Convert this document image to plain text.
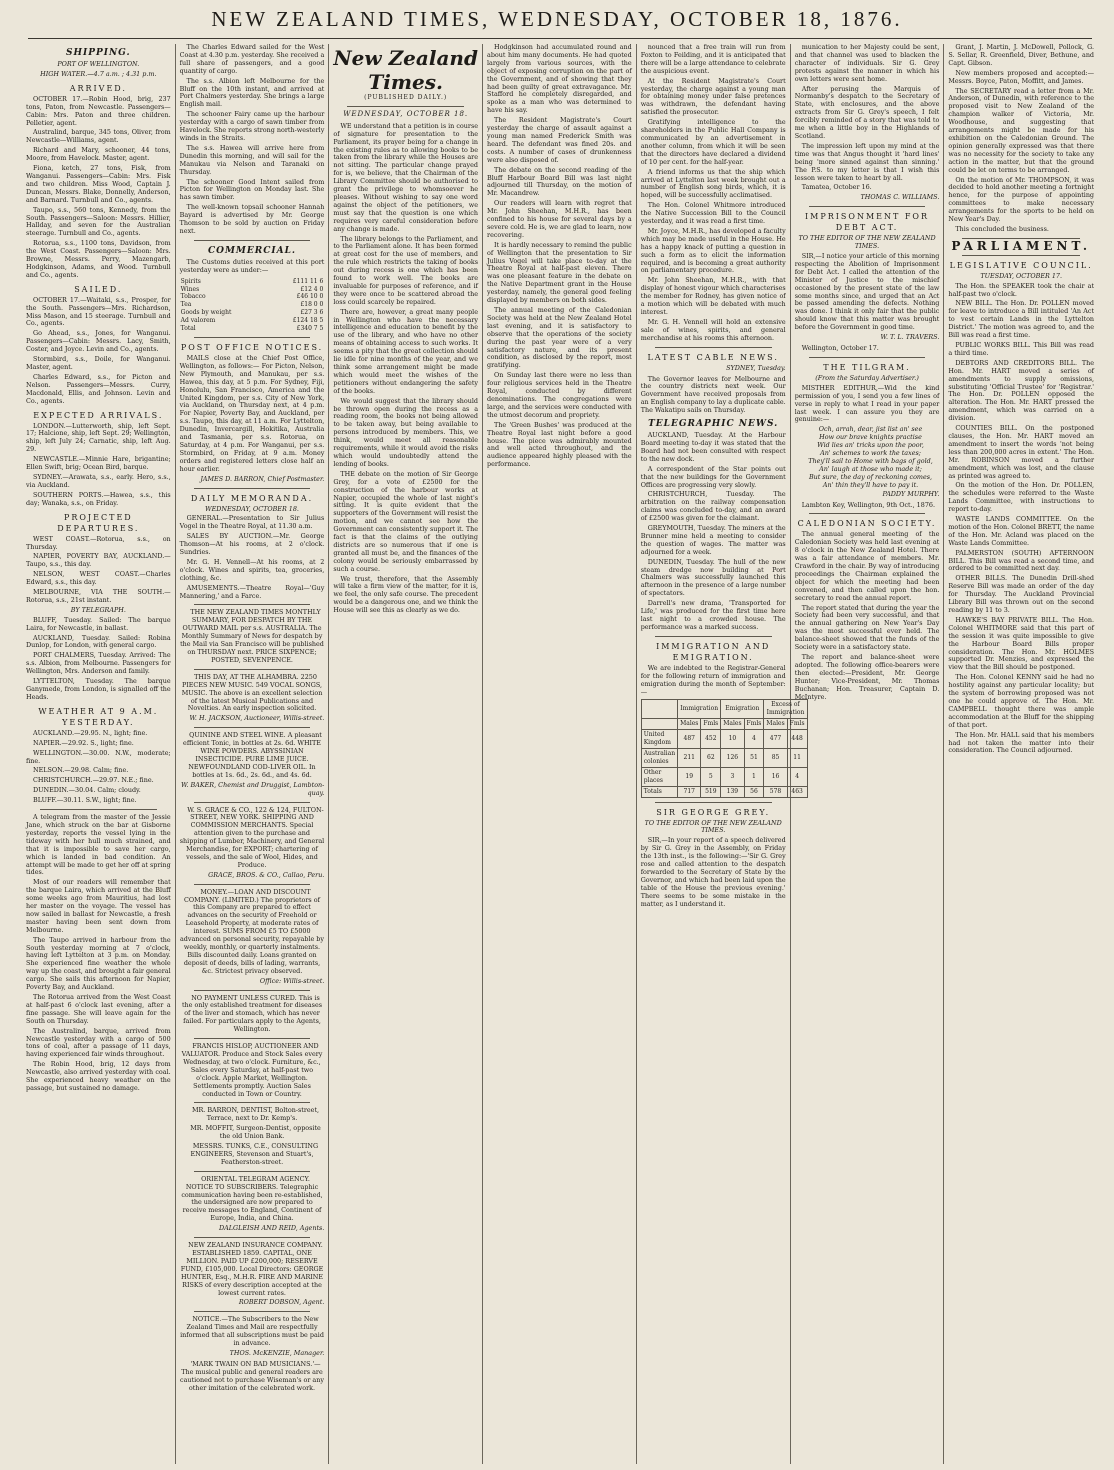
NEW ZEALAND TIMES, WEDNESDAY, OCTOBER 18, 1876.
SHIPPING.
PORT OF WELLINGTON.
HIGH WATER.—4.7 a.m. ; 4.31 p.m.
ARRIVED.

OCTOBER 17.—Robin Hood, brig, 237 tons, Paton, from Newcastle. Passengers—Cabin: Mrs. Paton and three children. Pelletier, agent.

Australind, barque, 345 tons, Oliver, from Newcastle—Williams, agent.

Richard and Mary, schooner, 44 tons, Moore, from Havelock. Master, agent.

Fiona, ketch, 27 tons, Fisk, from Wanganui. Passengers—Cabin: Mrs. Fisk and two children. Miss Wood, Captain J. Duncan, Messrs. Blake, Donnelly, Anderson, and Barnard. Turnbull and Co., agents.

Taupo, s.s., 560 tons, Kennedy, from the South. Passengers—Saloon: Messrs. Hillier, Hallday, and seven for the Australian steerage. Turnbull and Co., agents.

Rotorua, s.s., 1100 tons, Davidson, from the West Coast. Passengers—Saloon: Mrs. Browne, Messrs. Perry, Mazengarb, Hodgkinson, Adams, and Wood. Turnbull and Co., agents.

SAILED.

OCTOBER 17.—Waitaki, s.s., Prosper, for the South. Passengers—Mrs. Richardson, Miss Mason, and 15 steerage. Turnbull and Co., agents.

Go Ahead, s.s., Jones, for Wanganui. Passengers—Cabin: Messrs. Lacy, Smith, Coster, and Joyce. Levin and Co., agents.

Stormbird, s.s., Doile, for Wanganui. Master, agent.

Charles Edward, s.s., for Picton and Nelson. Passengers—Messrs. Curry, Macdonald, Ellis, and Johnson. Levin and Co., agents.

EXPECTED ARRIVALS.

LONDON.—Lutterworth, ship, left Sept. 17; Halcione, ship, left Sept. 29; Wellington, ship, left July 24; Carnatic, ship, left Aug. 29.

NEWCASTLE.—Minnie Hare, brigantine; Ellen Swift, brig; Ocean Bird, barque.

SYDNEY.—Arawata, s.s., early. Hero, s.s., via Auckland.

SOUTHERN PORTS.—Hawea, s.s., this day; Wanaka, s.s., on Friday.

PROJECTED DEPARTURES.

WEST COAST.—Rotorua, s.s., on Thursday.

NAPIER, POVERTY BAY, AUCKLAND.—Taupo, s.s., this day.

NELSON, WEST COAST.—Charles Edward, s.s., this day.

MELBOURNE, VIA THE SOUTH.—Rotorua, s.s., 21st instant.

BY TELEGRAPH.

BLUFF, Tuesday. Sailed: The barque Laira, for Newcastle, in ballast.

AUCKLAND, Tuesday. Sailed: Robina Dunlop, for London, with general cargo.

PORT CHALMERS, Tuesday. Arrived: The s.s. Albion, from Melbourne. Passengers for Wellington, Mrs. Anderson and family.

LYTTELTON, Tuesday. The barque Ganymede, from London, is signalled off the Heads.

WEATHER AT 9 A.M. YESTERDAY.

AUCKLAND.—29.95. N., light; fine.

NAPIER.—29.92. S., light; fine.

WELLINGTON.—30.00. N.W., moderate; fine.

NELSON.—29.98. Calm; fine.

CHRISTCHURCH.—29.97. N.E.; fine.

DUNEDIN.—30.04. Calm; cloudy.

BLUFF.—30.11. S.W., light; fine.

A telegram from the master of the Jessie Jane, which struck on the bar at Gisborne yesterday, reports the vessel lying in the tideway with her hull much strained, and that it is impossible to save her cargo, which is landed in bad condition. An attempt will be made to get her off at spring tides.

Most of our readers will remember that the barque Laira, which arrived at the Bluff some weeks ago from Mauritius, had lost her master on the voyage. The vessel has now sailed in ballast for Newcastle, a fresh master having been sent down from Melbourne.

The Taupo arrived in harbour from the South yesterday morning at 7 o'clock, having left Lyttelton at 3 p.m. on Monday. She experienced fine weather the whole way up the coast, and brought a fair general cargo. She sails this afternoon for Napier, Poverty Bay, and Auckland.

The Rotorua arrived from the West Coast at half-past 6 o'clock last evening, after a fine passage. She will leave again for the South on Thursday.

The Australind, barque, arrived from Newcastle yesterday with a cargo of 500 tons of coal, after a passage of 11 days, having experienced fair winds throughout.

The Robin Hood, brig, 12 days from Newcastle, also arrived yesterday with coal. She experienced heavy weather on the passage, but sustained no damage.

The Charles Edward sailed for the West Coast at 4.30 p.m. yesterday. She received a full share of passengers, and a good quantity of cargo.

The s.s. Albion left Melbourne for the Bluff on the 10th instant, and arrived at Port Chalmers yesterday. She brings a large English mail.

The schooner Fairy came up the harbour yesterday with a cargo of sawn timber from Havelock. She reports strong north-westerly winds in the Straits.

The s.s. Hawea will arrive here from Dunedin this morning, and will sail for the Manukau via Nelson and Taranaki on Thursday.

The schooner Good Intent sailed from Picton for Wellington on Monday last. She has sawn timber.

The well-known topsail schooner Hannah Bayard is advertised by Mr. George Thomson to be sold by auction on Friday next.

COMMERCIAL.

The Customs duties received at this port yesterday were as under:—

Spirits	£111 11 6
Wines	£12 4 0
Tobacco	£46 10 0
Tea	£18 0 0
Goods by weight	£27 3 6
Ad valorem	£124 18 5
Total	£340 7 5
POST OFFICE NOTICES.

MAILS close at the Chief Post Office, Wellington, as follows:— For Picton, Nelson, New Plymouth, and Manukau, per s.s. Hawea, this day, at 5 p.m. For Sydney, Fiji, Honolulu, San Francisco, America and the United Kingdom, per s.s. City of New York, via Auckland, on Thursday next, at 4 p.m. For Napier, Poverty Bay, and Auckland, per s.s. Taupo, this day, at 11 a.m. For Lyttelton, Dunedin, Invercargill, Hokitika, Australia and Tasmania, per s.s. Rotorua, on Saturday, at 4 p.m. For Wanganui, per s.s. Stormbird, on Friday, at 9 a.m. Money orders and registered letters close half an hour earlier.

JAMES D. BARRON, Chief Postmaster.
DAILY MEMORANDA.
WEDNESDAY, OCTOBER 18.

GENERAL.—Presentation to Sir Julius Vogel in the Theatre Royal, at 11.30 a.m.

SALES BY AUCTION.—Mr. George Thomson—At his rooms, at 2 o'clock. Sundries.

Mr. G. H. Vennell—At his rooms, at 2 o'clock. Wines and spirits, tea, groceries, clothing, &c.

AMUSEMENTS.—Theatre Royal—'Guy Mannering,' and a Farce.

THE NEW ZEALAND TIMES MONTHLY SUMMARY, FOR DESPATCH BY THE OUTWARD MAIL per s.s. AUSTRALIA. The Monthly Summary of News for despatch by the Mail via San Francisco will be published on THURSDAY next. PRICE SIXPENCE; POSTED, SEVENPENCE.

THIS DAY, AT THE ALHAMBRA. 2250 PIECES NEW MUSIC. 549 VOCAL SONGS, MUSIC. The above is an excellent selection of the latest Musical Publications and Novelties. An early inspection solicited.

W. H. JACKSON, Auctioneer, Willis-street.

QUININE AND STEEL WINE. A pleasant efficient Tonic, in bottles at 2s. 6d. WHITE WINE POWDERS. ABYSSINIAN INSECTICIDE. PURE LIME JUICE. NEWFOUNDLAND COD-LIVER OIL. In bottles at 1s. 6d., 2s. 6d., and 4s. 6d.

W. BAKER, Chemist and Druggist, Lambton-quay.

W. S. GRACE & CO., 122 & 124, FULTON-STREET, NEW YORK. SHIPPING AND COMMISSION MERCHANTS. Special attention given to the purchase and shipping of Lumber, Machinery, and General Merchandise, for EXPORT; chartering of vessels, and the sale of Wool, Hides, and Produce.

GRACE, BROS. & CO., Callao, Peru.

MONEY.—LOAN AND DISCOUNT COMPANY. (LIMITED.) The proprietors of this Company are prepared to effect advances on the security of Freehold or Leasehold Property, at moderate rates of interest. SUMS FROM £5 TO £5000 advanced on personal security, repayable by weekly, monthly, or quarterly instalments. Bills discounted daily. Loans granted on deposit of deeds, bills of lading, warrants, &c. Strictest privacy observed.

Office: Willis-street.

NO PAYMENT UNLESS CURED. This is the only established treatment for diseases of the liver and stomach, which has never failed. For particulars apply to the Agents, Wellington.

FRANCIS HISLOP, AUCTIONEER AND VALUATOR. Produce and Stock Sales every Wednesday, at two o'clock. Furniture, &c., Sales every Saturday, at half-past two o'clock. Apple Market, Wellington. Settlements promptly. Auction Sales conducted in Town or Country.

MR. BARRON, DENTIST, Bolton-street, Terrace, next to Dr. Kemp's.

MR. MOFFIT, Surgeon-Dentist, opposite the old Union Bank.

MESSRS. TUNKS, C.E., CONSULTING ENGINEERS, Stevenson and Stuart's, Featherston-street.

ORIENTAL TELEGRAM AGENCY. NOTICE TO SUBSCRIBERS. Telegraphic communication having been re-established, the undersigned are now prepared to receive messages to England, Continent of Europe, India, and China.

DALGLEISH AND REID, Agents.

NEW ZEALAND INSURANCE COMPANY. ESTABLISHED 1859. CAPITAL, ONE MILLION. PAID UP £200,000; RESERVE FUND, £105,000. Local Directors: GEORGE HUNTER, Esq., M.H.R. FIRE AND MARINE RISKS of every description accepted at the lowest current rates.

ROBERT DOBSON, Agent.

NOTICE.—The Subscribers to the New Zealand Times and Mail are respectfully informed that all subscriptions must be paid in advance.

THOS. McKENZIE, Manager.

'MARK TWAIN ON BAD MUSICIANS.'—The musical public and general readers are cautioned not to purchase Wiseman's or any other imitation of the celebrated work.

New Zealand Times.
(PUBLISHED DAILY.)
WEDNESDAY, OCTOBER 18.

WE understand that a petition is in course of signature for presentation to the Parliament, its prayer being for a change in the existing rules as to allowing books to be taken from the library while the Houses are not sitting. The particular change prayed for is, we believe, that the Chairman of the Library Committee should be authorised to grant the privilege to whomsoever he pleases. Without wishing to say one word against the object of the petitioners, we must say that the question is one which requires very careful consideration before any change is made.

The library belongs to the Parliament, and to the Parliament alone. It has been formed at great cost for the use of members, and the rule which restricts the taking of books out during recess is one which has been found to work well. The books are invaluable for purposes of reference, and if they were once to be scattered abroad the loss could scarcely be repaired.

There are, however, a great many people in Wellington who have the necessary intelligence and education to benefit by the use of the library, and who have no other means of obtaining access to such works. It seems a pity that the great collection should lie idle for nine months of the year, and we think some arrangement might be made which would meet the wishes of the petitioners without endangering the safety of the books.

We would suggest that the library should be thrown open during the recess as a reading room, the books not being allowed to be taken away, but being available to persons introduced by members. This, we think, would meet all reasonable requirements, while it would avoid the risks which would undoubtedly attend the lending of books.

THE debate on the motion of Sir George Grey, for a vote of £2500 for the construction of the harbour works at Napier, occupied the whole of last night's sitting. It is quite evident that the supporters of the Government will resist the motion, and we cannot see how the Government can consistently support it. The fact is that the claims of the outlying districts are so numerous that if one is granted all must be, and the finances of the colony would be seriously embarrassed by such a course.

We trust, therefore, that the Assembly will take a firm view of the matter, for it is, we feel, the only safe course. The precedent would be a dangerous one, and we think the House will see this as clearly as we do.

Hodgkinson had accumulated round and about him many documents. He had quoted largely from various sources, with the object of exposing corruption on the part of the Government, and of showing that they had been guilty of great extravagance. Mr. Stafford he completely disregarded, and spoke as a man who was determined to have his say.

The Resident Magistrate's Court yesterday the charge of assault against a young man named Frederick Smith was heard. The defendant was fined 20s. and costs. A number of cases of drunkenness were also disposed of.

The debate on the second reading of the Bluff Harbour Board Bill was last night adjourned till Thursday, on the motion of Mr. Macandrew.

Our readers will learn with regret that Mr. John Sheehan, M.H.R., has been confined to his house for several days by a severe cold. He is, we are glad to learn, now recovering.

It is hardly necessary to remind the public of Wellington that the presentation to Sir Julius Vogel will take place to-day at the Theatre Royal at half-past eleven. There was one pleasant feature in the debate on the Native Department grant in the House yesterday, namely, the general good feeling displayed by members on both sides.

The annual meeting of the Caledonian Society was held at the New Zealand Hotel last evening, and it is satisfactory to observe that the operations of the society during the past year were of a very satisfactory nature, and its present condition, as disclosed by the report, most gratifying.

On Sunday last there were no less than four religious services held in the Theatre Royal, conducted by different denominations. The congregations were large, and the services were conducted with the utmost decorum and propriety.

The 'Green Bushes' was produced at the Theatre Royal last night before a good house. The piece was admirably mounted and well acted throughout, and the audience appeared highly pleased with the performance.

nounced that a free train will run from Foxton to Feilding, and it is anticipated that there will be a large attendance to celebrate the auspicious event.

At the Resident Magistrate's Court yesterday, the charge against a young man for obtaining money under false pretences was withdrawn, the defendant having satisfied the prosecutor.

Gratifying intelligence to the shareholders in the Public Hall Company is communicated by an advertisement in another column, from which it will be seen that the directors have declared a dividend of 10 per cent. for the half-year.

A friend informs us that the ship which arrived at Lyttelton last week brought out a number of English song birds, which, it is hoped, will be successfully acclimatised.

The Hon. Colonel Whitmore introduced the Native Succession Bill to the Council yesterday, and it was read a first time.

Mr. Joyce, M.H.R., has developed a faculty which may be made useful in the House. He has a happy knack of putting a question in such a form as to elicit the information required, and is becoming a great authority on parliamentary procedure.

Mr. John Sheehan, M.H.R., with that display of honest vigour which characterises the member for Rodney, has given notice of a motion which will be debated with much interest.

Mr. G. H. Vennell will hold an extensive sale of wines, spirits, and general merchandise at his rooms this afternoon.

LATEST CABLE NEWS.
SYDNEY, Tuesday.

The Governor leaves for Melbourne and the country districts next week. Our Government have received proposals from an English company to lay a duplicate cable. The Wakatipu sails on Thursday.

TELEGRAPHIC NEWS.

AUCKLAND, Tuesday. At the Harbour Board meeting to-day it was stated that the Board had not been consulted with respect to the new dock.

A correspondent of the Star points out that the new buildings for the Government Offices are progressing very slowly.

CHRISTCHURCH, Tuesday. The arbitration on the railway compensation claims was concluded to-day, and an award of £2500 was given for the claimant.

GREYMOUTH, Tuesday. The miners at the Brunner mine held a meeting to consider the question of wages. The matter was adjourned for a week.

DUNEDIN, Tuesday. The hull of the new steam dredge now building at Port Chalmers was successfully launched this afternoon in the presence of a large number of spectators.

Darrell's new drama, 'Transported for Life,' was produced for the first time here last night to a crowded house. The performance was a marked success.

IMMIGRATION AND EMIGRATION.

We are indebted to the Registrar-General for the following return of immigration and emigration during the month of September:—

	Immigration		Emigration		Excess of Immigration	
	Males	Fmls	Males	Fmls	Males	Fmls
United Kingdom	487	452	10	4	477	448
Australian colonies	211	62	126	51	85	11
Other places	19	5	3	1	16	4
Totals	717	519	139	56	578	463
SIR GEORGE GREY.
TO THE EDITOR OF THE NEW ZEALAND TIMES.

SIR,—In your report of a speech delivered by Sir G. Grey in the Assembly, on Friday the 13th inst., is the following:—'Sir G. Grey rose and called attention to the despatch forwarded to the Secretary of State by the Governor, and which had been laid upon the table of the House the previous evening.' There seems to be some mistake in the matter, as I understand it.

munication to her Majesty could be sent, and that channel was used to blacken the character of individuals. Sir G. Grey protests against the manner in which his own letters were sent home.

After perusing the Marquis of Normanby's despatch to the Secretary of State, with enclosures, and the above extracts from Sir G. Grey's speech, I felt forcibly reminded of a story that was told to me when a little boy in the Highlands of Scotland.

The impression left upon my mind at the time was that Angus thought it 'hard lines' being 'more sinned against than sinning.' The P.S. to my letter is that I wish this lesson were taken to heart by all.

Tamatea, October 16.

THOMAS C. WILLIAMS.
IMPRISONMENT FOR DEBT ACT.
TO THE EDITOR OF THE NEW ZEALAND TIMES.

SIR,—I notice your article of this morning respecting the Abolition of Imprisonment for Debt Act. I called the attention of the Minister of Justice to the mischief occasioned by the present state of the law some months since, and urged that an Act be passed amending the defects. Nothing was done. I think it only fair that the public should know that this matter was brought before the Government in good time.

W. T. L. TRAVERS.

Wellington, October 17.

THE TILGRAM.
(From the Saturday Advertiser.)

MISTHER EDITHUR,—Wid the kind permission of you, I send you a few lines of verse in reply to what I read in your paper last week. I can assure you they are genuine:—

Och, arrah, dear, jist list an' see

How our brave knights practise

Wid lies an' tricks upon the poor,

An' schemes to work the taxes;

They'll sail to Home with bags of gold,

An' laugh at those who made it;

But sure, the day of reckoning comes,

An' thin they'll have to pay it.

PADDY MURPHY.

Lambton Key, Wellington, 9th Oct., 1876.

CALEDONIAN SOCIETY.

The annual general meeting of the Caledonian Society was held last evening at 8 o'clock in the New Zealand Hotel. There was a fair attendance of members. Mr. Crawford in the chair. By way of introducing proceedings the Chairman explained the object for which the meeting had been convened, and then called upon the hon. secretary to read the annual report.

The report stated that during the year the Society had been very successful, and that the annual gathering on New Year's Day was the most successful ever held. The balance-sheet showed that the funds of the Society were in a satisfactory state.

The report and balance-sheet were adopted. The following office-bearers were then elected:—President, Mr. George Hunter; Vice-President, Mr. Thomas Buchanan; Hon. Treasurer, Captain D. McIntyre.

Grant, J. Martin, J. McDowell, Pollock, G. S. Sellar, R. Greenfield, Diver, Bethune, and Capt. Gibson.

New members proposed and accepted:—Messrs. Boyce, Paton, Moffitt, and James.

The SECRETARY read a letter from a Mr. Anderson, of Dunedin, with reference to the proposed visit to New Zealand of the champion walker of Victoria, Mr. Woodhouse, and suggesting that arrangements might be made for his exhibition on the Caledonian Ground. The opinion generally expressed was that there was no necessity for the society to take any action in the matter, but that the ground could be let on terms to be arranged.

On the motion of Mr. THOMPSON, it was decided to hold another meeting a fortnight hence, for the purpose of appointing committees to make necessary arrangements for the sports to be held on New Year's Day.

This concluded the business.

PARLIAMENT.
LEGISLATIVE COUNCIL.
TUESDAY, OCTOBER 17.

The Hon. the SPEAKER took the chair at half-past two o'clock.

NEW BILL. The Hon. Dr. POLLEN moved for leave to introduce a Bill intituled 'An Act to vest certain Lands in the Lyttelton District.' The motion was agreed to, and the Bill was read a first time.

PUBLIC WORKS BILL. This Bill was read a third time.

DEBTORS AND CREDITORS BILL. The Hon. Mr. HART moved a series of amendments to supply omissions, substituting 'Official Trustee' for 'Registrar.' The Hon. Dr. POLLEN opposed the alteration. The Hon. Mr. HART pressed the amendment, which was carried on a division.

COUNTIES BILL. On the postponed clauses, the Hon. Mr. HART moved an amendment to insert the words 'not being less than 200,000 acres in extent.' The Hon. Mr. ROBINSON moved a further amendment, which was lost, and the clause as printed was agreed to.

On the motion of the Hon. Dr. POLLEN, the schedules were referred to the Waste Lands Committee, with instructions to report to-day.

WASTE LANDS COMMITTEE. On the motion of the Hon. Colonel BRETT, the name of the Hon. Mr. Acland was placed on the Waste Lands Committee.

PALMERSTON (SOUTH) AFTERNOON BILL. This Bill was read a second time, and ordered to be committed next day.

OTHER BILLS. The Dunedin Drill-shed Reserve Bill was made an order of the day for Thursday. The Auckland Provincial Library Bill was thrown out on the second reading by 11 to 3.

HAWKE'S BAY PRIVATE BILL. The Hon. Colonel WHITMORE said that this part of the session it was quite impossible to give the Harbour Board Bills proper consideration. The Hon. Mr. HOLMES supported Dr. Menzies, and expressed the view that the Bill should be postponed.

The Hon. Colonel KENNY said he had no hostility against any particular locality; but the system of borrowing proposed was not one he could approve of. The Hon. Mr. CAMPBELL thought there was ample accommodation at the Bluff for the shipping of that port.

The Hon. Mr. HALL said that his members had not taken the matter into their consideration. The Council adjourned.
